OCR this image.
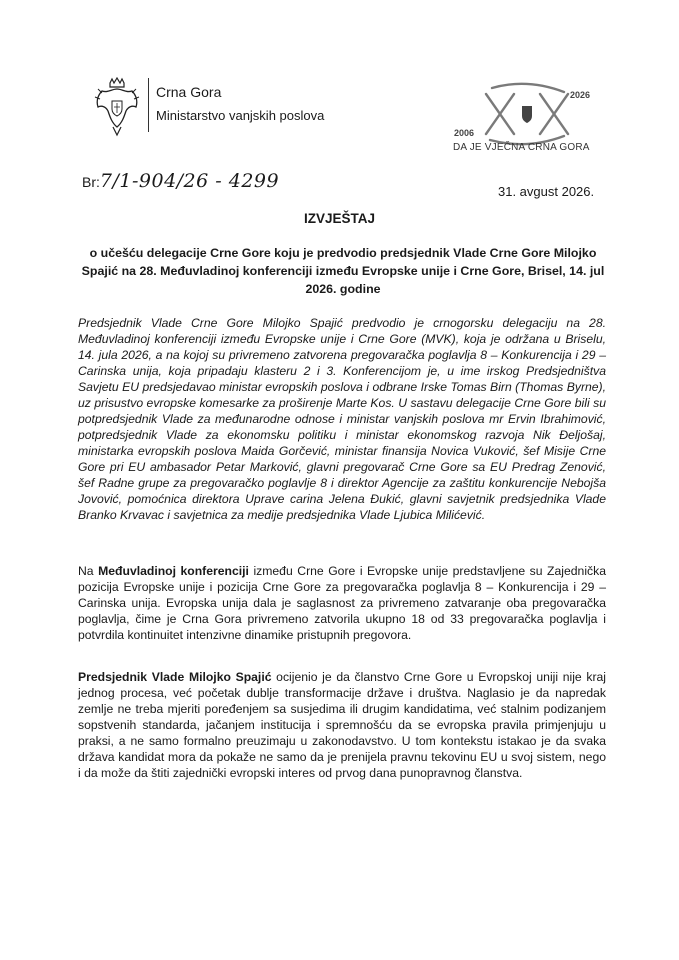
Crna Gora
Ministarstvo vanjskih poslova
2026
2006
DA JE VJEČNA CRNA GORA
Br:7/1-904/26 - 4299	31. avgust 2026.
IZVJEŠTAJ
o učešću delegacije Crne Gore koju je predvodio predsjednik Vlade Crne Gore Milojko Spajić na 28. Međuvladinoj konferenciji između Evropske unije i Crne Gore, Brisel, 14. jul 2026. godine

Predsjednik Vlade Crne Gore Milojko Spajić predvodio je crnogorsku delegaciju na 28. Međuvladinoj konferenciji između Evropske unije i Crne Gore (MVK), koja je održana u Briselu, 14. jula 2026, a na kojoj su privremeno zatvorena pregovaračka poglavlja 8 – Konkurencija i 29 – Carinska unija, koja pripadaju klasteru 2 i 3. Konferencijom je, u ime irskog Predsjedništva Savjetu EU predsjedavao ministar evropskih poslova i odbrane Irske Tomas Birn (Thomas Byrne), uz prisustvo evropske komesarke za proširenje Marte Kos. U sastavu delegacije Crne Gore bili su potpredsjednik Vlade za međunarodne odnose i ministar vanjskih poslova mr Ervin Ibrahimović, potpredsjednik Vlade za ekonomsku politiku i ministar ekonomskog razvoja Nik Đeljošaj, ministarka evropskih poslova Maida Gorčević, ministar finansija Novica Vuković, šef Misije Crne Gore pri EU ambasador Petar Marković, glavni pregovarač Crne Gore sa EU Predrag Zenović, šef Radne grupe za pregovaračko poglavlje 8 i direktor Agencije za zaštitu konkurencije Nebojša Jovović, pomoćnica direktora Uprave carina Jelena Đukić, glavni savjetnik predsjednika Vlade Branko Krvavac i savjetnica za medije predsjednika Vlade Ljubica Milićević.

Na Međuvladinoj konferenciji između Crne Gore i Evropske unije predstavljene su Zajednička pozicija Evropske unije i pozicija Crne Gore za pregovaračka poglavlja 8 – Konkurencija i 29 – Carinska unija. Evropska unija dala je saglasnost za privremeno zatvaranje oba pregovaračka poglavlja, čime je Crna Gora privremeno zatvorila ukupno 18 od 33 pregovaračka poglavlja i potvrdila kontinuitet intenzivne dinamike pristupnih pregovora.

Predsjednik Vlade Milojko Spajić ocijenio je da članstvo Crne Gore u Evropskoj uniji nije kraj jednog procesa, već početak dublje transformacije države i društva. Naglasio je da napredak zemlje ne treba mjeriti poređenjem sa susjedima ili drugim kandidatima, već stalnim podizanjem sopstvenih standarda, jačanjem institucija i spremnošću da se evropska pravila primjenjuju u praksi, a ne samo formalno preuzimaju u zakonodavstvo. U tom kontekstu istakao je da svaka država kandidat mora da pokaže ne samo da je prenijela pravnu tekovinu EU u svoj sistem, nego i da može da štiti zajednički evropski interes od prvog dana punopravnog članstva.
